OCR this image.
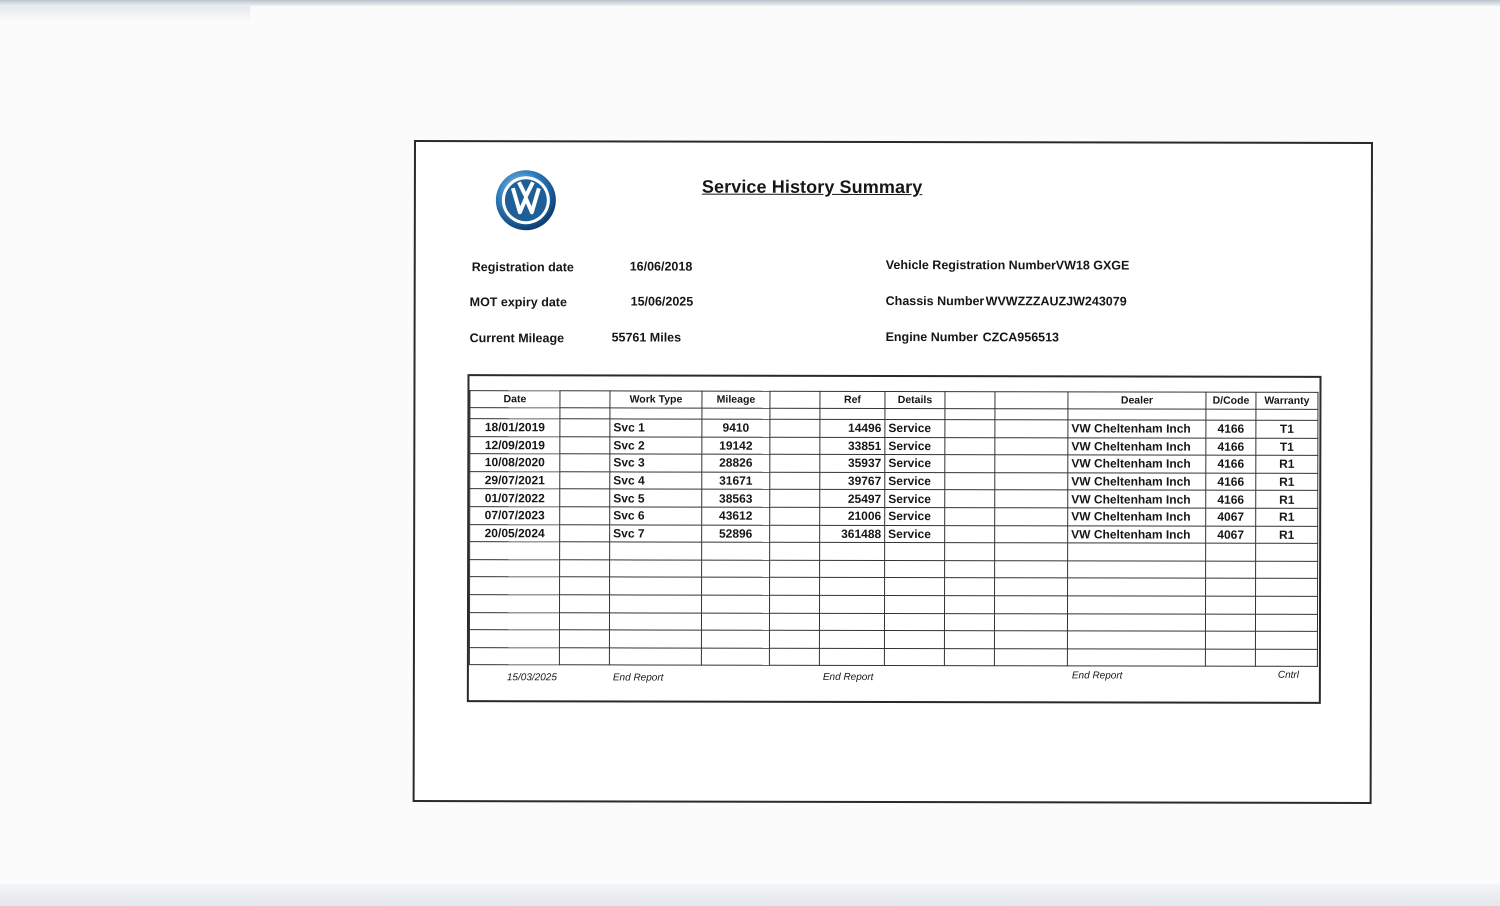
Service History Summary
Registration date	16/06/2018
MOT expiry date	15/06/2025
Current Mileage	55761 Miles
Vehicle Registration Number VW18 GXGE
Chassis Number WVWZZZAUZJW243079
Engine Number CZCA956513
Date		Work Type	Mileage		Ref	Details			Dealer	D/Code	Warranty

18/01/2019		Svc 1	9410		14496	Service			VW Cheltenham Inch	4166	T1
12/09/2019		Svc 2	19142		33851	Service			VW Cheltenham Inch	4166	T1
10/08/2020		Svc 3	28826		35937	Service			VW Cheltenham Inch	4166	R1
29/07/2021		Svc 4	31671		39767	Service			VW Cheltenham Inch	4166	R1
01/07/2022		Svc 5	38563		25497	Service			VW Cheltenham Inch	4166	R1
07/07/2023		Svc 6	43612		21006	Service			VW Cheltenham Inch	4067	R1
20/05/2024		Svc 7	52896		361488	Service			VW Cheltenham Inch	4067	R1

15/03/2025	End Report	End Report	End Report	Cntrl
